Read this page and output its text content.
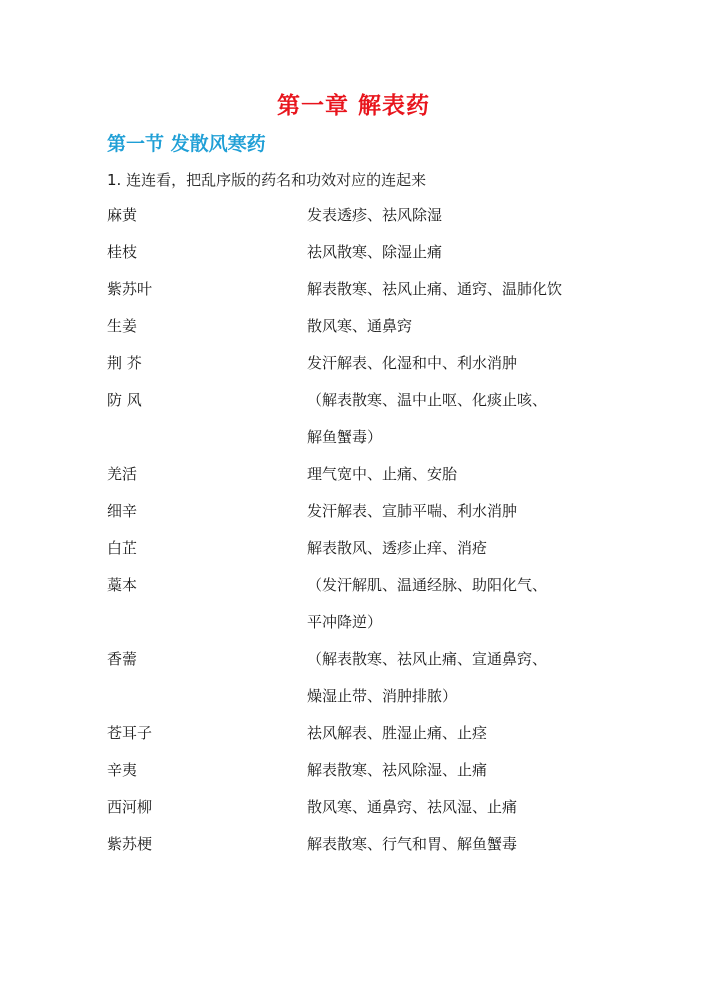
第一章 解表药
第一节 发散风寒药

1. 连连看，把乱序版的药名和功效对应的连起来

麻黄	发表透疹、祛风除湿
桂枝	祛风散寒、除湿止痛
紫苏叶	解表散寒、祛风止痛、通窍、温肺化饮
生姜	散风寒、通鼻窍
荆 芥	发汗解表、化湿和中、利水消肿
防 风	（解表散寒、温中止呕、化痰止咳、
解鱼蟹毒）
羌活	理气宽中、止痛、安胎
细辛	发汗解表、宣肺平喘、利水消肿
白芷	解表散风、透疹止痒、消疮
藁本	（发汗解肌、温通经脉、助阳化气、
平冲降逆）
香薷	（解表散寒、祛风止痛、宣通鼻窍、
燥湿止带、消肿排脓）
苍耳子	祛风解表、胜湿止痛、止痉
辛夷	解表散寒、祛风除湿、止痛
西河柳	散风寒、通鼻窍、祛风湿、止痛
紫苏梗	解表散寒、行气和胃、解鱼蟹毒
